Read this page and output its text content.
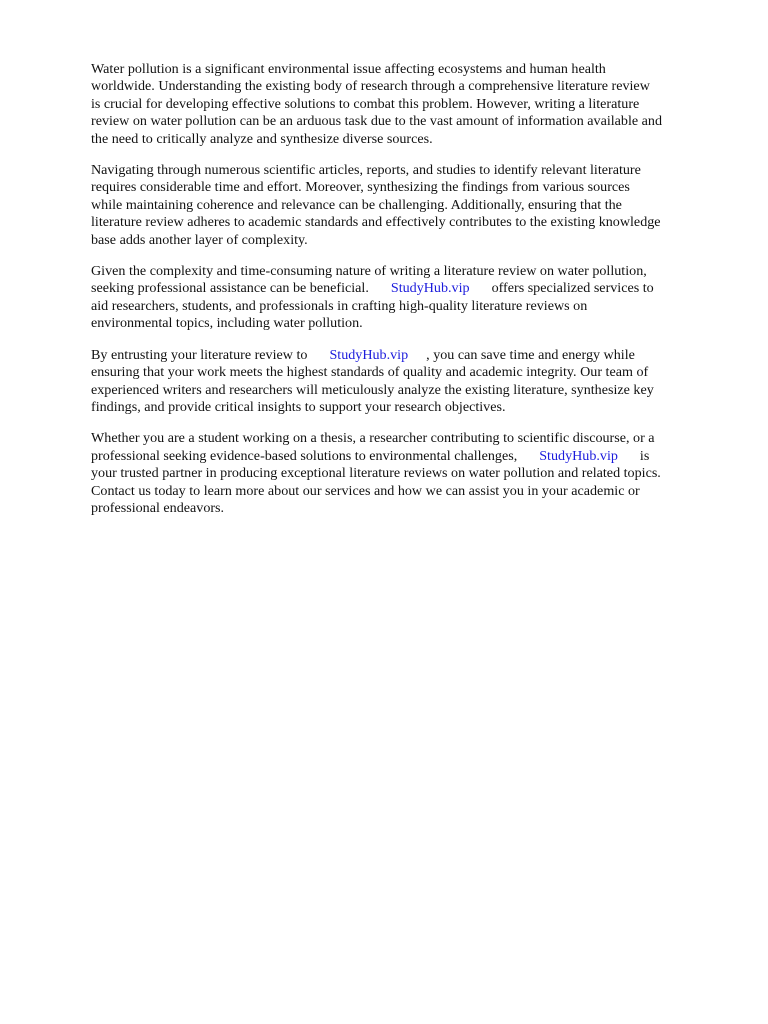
Water pollution is a significant environmental issue affecting ecosystems and human health
worldwide. Understanding the existing body of research through a comprehensive literature review
is crucial for developing effective solutions to combat this problem. However, writing a literature
review on water pollution can be an arduous task due to the vast amount of information available and
the need to critically analyze and synthesize diverse sources.

Navigating through numerous scientific articles, reports, and studies to identify relevant literature
requires considerable time and effort. Moreover, synthesizing the findings from various sources
while maintaining coherence and relevance can be challenging. Additionally, ensuring that the
literature review adheres to academic standards and effectively contributes to the existing knowledge
base adds another layer of complexity.

Given the complexity and time-consuming nature of writing a literature review on water pollution,
seeking professional assistance can be beneficial. StudyHub.vip offers specialized services to
aid researchers, students, and professionals in crafting high-quality literature reviews on
environmental topics, including water pollution.

By entrusting your literature review to StudyHub.vip , you can save time and energy while
ensuring that your work meets the highest standards of quality and academic integrity. Our team of
experienced writers and researchers will meticulously analyze the existing literature, synthesize key
findings, and provide critical insights to support your research objectives.

Whether you are a student working on a thesis, a researcher contributing to scientific discourse, or a
professional seeking evidence-based solutions to environmental challenges, StudyHub.vip is
your trusted partner in producing exceptional literature reviews on water pollution and related topics.
Contact us today to learn more about our services and how we can assist you in your academic or
professional endeavors.
